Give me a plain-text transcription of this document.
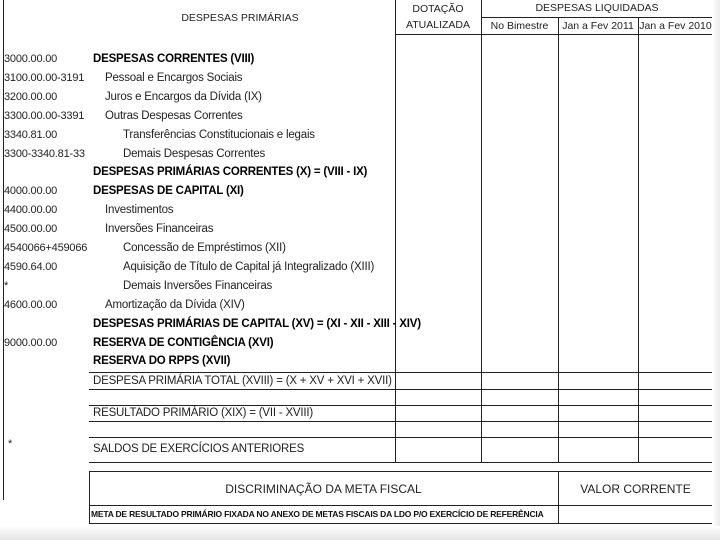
DESPESAS PRIMÁRIAS
DOTAÇÃO
ATUALIZADA
DESPESAS LIQUIDADAS
No Bimestre	Jan a Fev 2011 Jan a Fev 2010
3000.00.00	DESPESAS CORRENTES (VIII)
3100.00.00-3191 Pessoal e Encargos Sociais
3200.00.00	Juros e Encargos da Dívida (IX)
3300.00.00-3391 Outras Despesas Correntes
3340.81.00	Transferências Constitucionais e legais
3300-3340.81-33	Demais Despesas Correntes
DESPESAS PRIMÁRIAS CORRENTES (X) = (VIII - IX)
4000.00.00	DESPESAS DE CAPITAL (XI)
4400.00.00	Investimentos
4500.00.00	Inversões Financeiras
4540066+459066	Concessão de Empréstimos (XII)
4590.64.00	Aquisição de Título de Capital já Integralizado (XIII)
*	Demais Inversões Financeiras
4600.00.00	Amortização da Dívida (XIV)
DESPESAS PRIMÁRIAS DE CAPITAL (XV) = (XI - XII - XIII - XIV)
9000.00.00	RESERVA DE CONTIGÊNCIA (XVI)
RESERVA DO RPPS (XVII)
DESPESA PRIMÁRIA TOTAL (XVIII) = (X + XV + XVI + XVII)
RESULTADO PRIMÁRIO (XIX) = (VII - XVIII)
*	SALDOS DE EXERCÍCIOS ANTERIORES
DISCRIMINAÇÃO DA META FISCAL	VALOR CORRENTE
META DE RESULTADO PRIMÁRIO FIXADA NO ANEXO DE METAS FISCAIS DA LDO P/O EXERCÍCIO DE REFERÊNCIA
